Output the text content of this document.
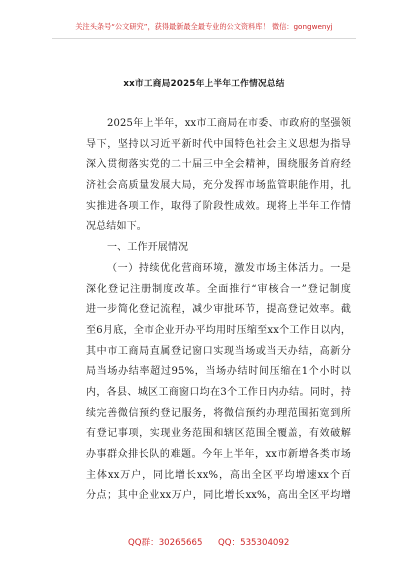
关注头条号“公文研究”，获得最新最全最专业的公文资料库！ 微信：gongwenyj
xx市工商局2025年上半年工作情况总结
2025年上半年，xx市工商局在市委、市政府的坚强领
导下，坚持以习近平新时代中国特色社会主义思想为指导
深入贯彻落实党的二十届三中全会精神，围绕服务首府经
济社会高质量发展大局，充分发挥市场监管职能作用，扎
实推进各项工作，取得了阶段性成效。现将上半年工作情
况总结如下。
一、工作开展情况
（一）持续优化营商环境，激发市场主体活力。一是
深化登记注册制度改革。全面推行“审核合一”登记制度
进一步简化登记流程，减少审批环节，提高登记效率。截
至6月底，全市企业开办平均用时压缩至xx个工作日以内，
其中市工商局直属登记窗口实现当场或当天办结，高新分
局当场办结率超过95%，当场办结时间压缩在1个小时以
内，各县、城区工商窗口均在3个工作日内办结。同时，持
续完善微信预约登记服务，将微信预约办理范围拓宽到所
有登记事项，实现业务范围和辖区范围全覆盖，有效破解
办事群众排长队的难题。今年上半年，xx市新增各类市场
主体xx万户，同比增长xx%，高出全区平均增速xx个百
分点；其中企业xx万户，同比增长xx%，高出全区平均增
QQ群：30265665 QQ：535304092
